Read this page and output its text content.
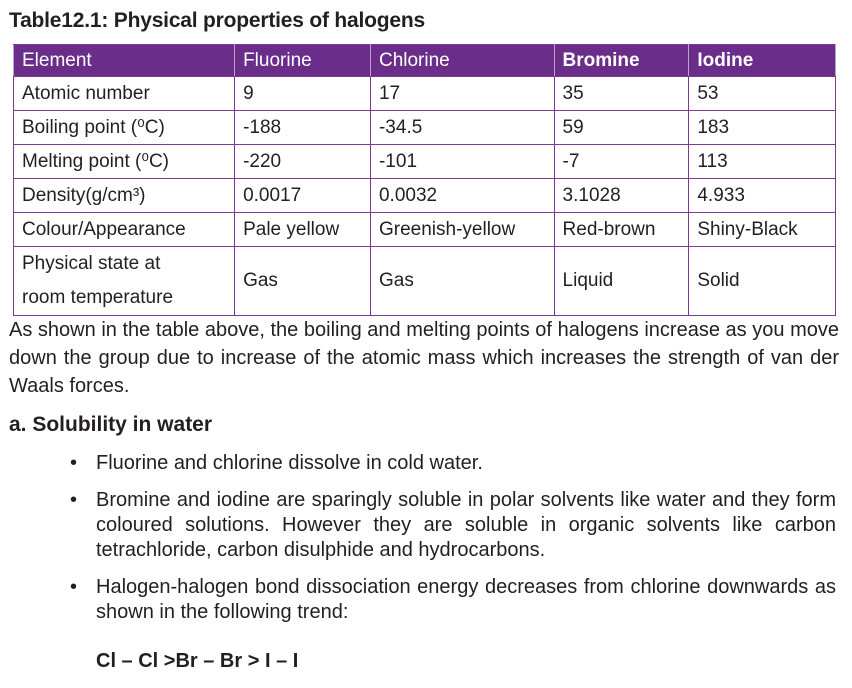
Table12.1: Physical properties of halogens
Element	Fluorine	Chlorine	Bromine	Iodine
Atomic number	9	17	35	53
Boiling point (⁰C)	-188	-34.5	59	183
Melting point (⁰C)	-220	-101	-7	113
Density(g/cm³)	0.0017	0.0032	3.1028	4.933
Colour/Appearance	Pale yellow	Greenish-yellow	Red-brown	Shiny-Black

Physical state at
room temperature	Gas	Gas	Liquid	Solid
As shown in the table above, the boiling and melting points of halogens increase as you move down the group due to increase of the atomic mass which increases the strength of van der Waals forces.
a. Solubility in water
• Fluorine and chlorine dissolve in cold water.
• Bromine and iodine are sparingly soluble in polar solvents like water and they form coloured solutions. However they are soluble in organic solvents like carbon tetrachloride, carbon disulphide and hydrocarbons.
• Halogen-halogen bond dissociation energy decreases from chlorine downwards as shown in the following trend:
Cl – Cl >Br – Br > I – I
